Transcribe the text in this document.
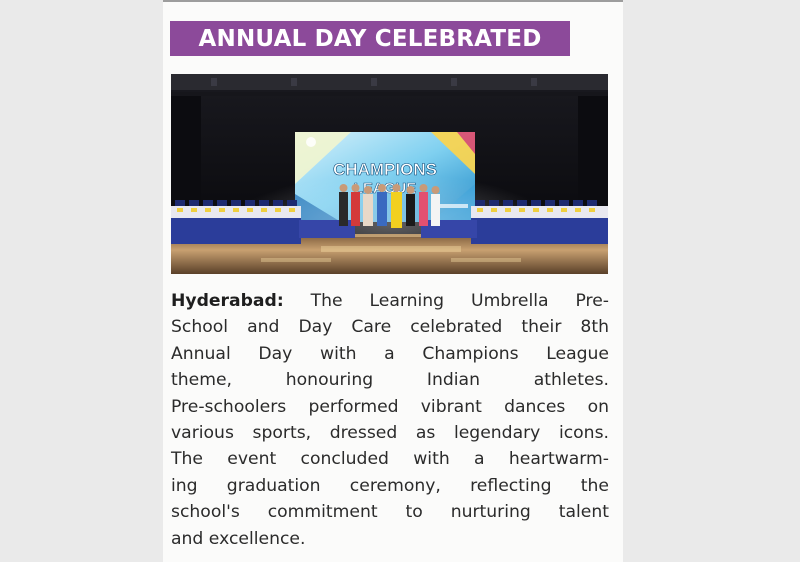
ANNUAL DAY CELEBRATED
Hyderabad: The Learning Umbrella Pre-
School and Day Care celebrated their 8th
Annual Day with a Champions League
theme, honouring Indian athletes.
Pre-schoolers performed vibrant dances on
various sports, dressed as legendary icons.
The event concluded with a heartwarm-
ing graduation ceremony, reflecting the
school's commitment to nurturing talent
and excellence.
